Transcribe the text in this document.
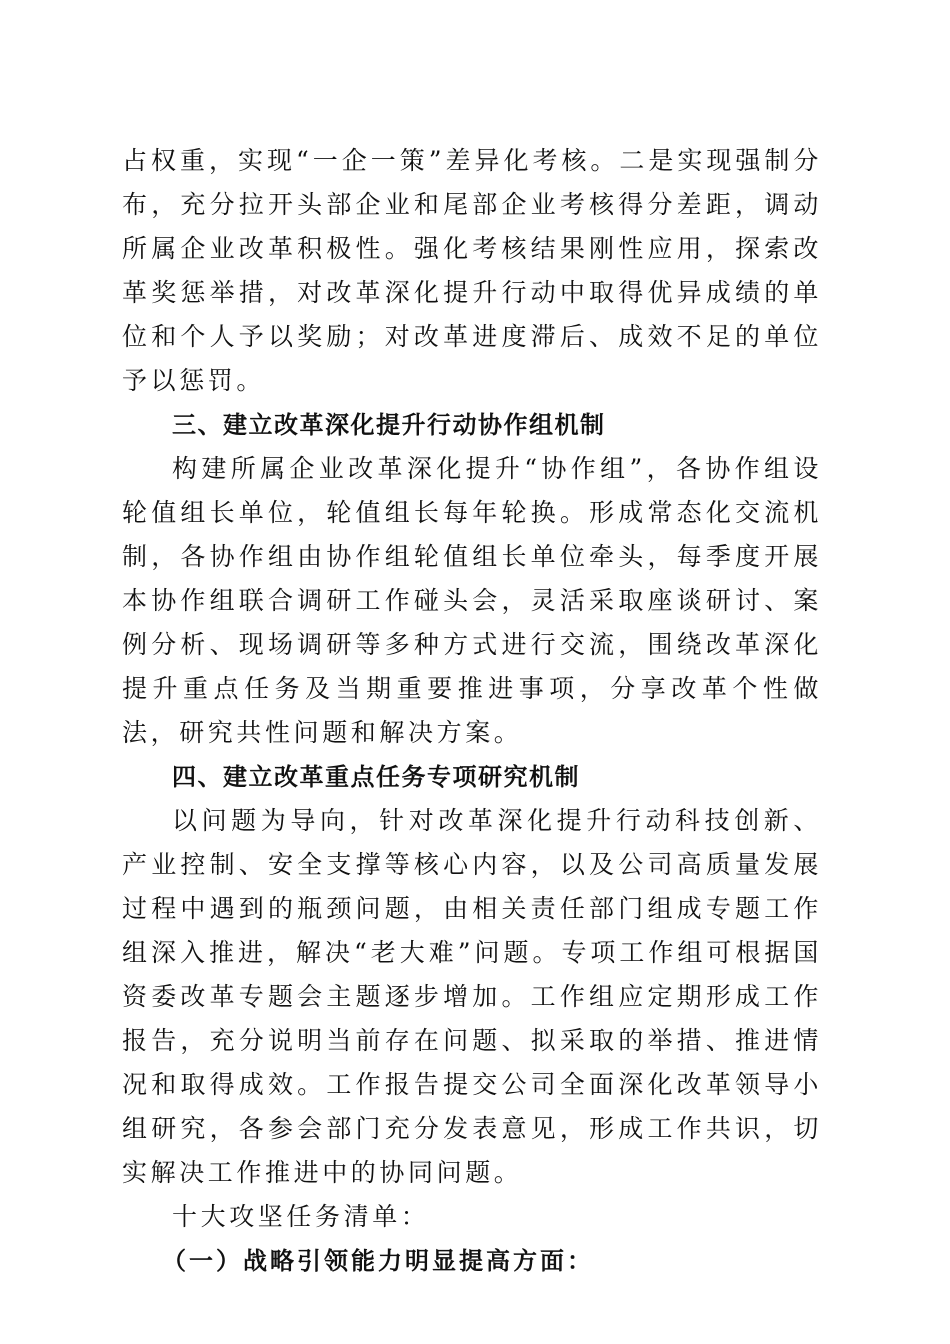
占权重，实现“一企一策”差异化考核。二是实现强制分布，充分拉开头部企业和尾部企业考核得分差距，调动所属企业改革积极性。强化考核结果刚性应用，探索改革奖惩举措，对改革深化提升行动中取得优异成绩的单位和个人予以奖励；对改革进度滞后、成效不足的单位予以惩罚。

三、建立改革深化提升行动协作组机制

构建所属企业改革深化提升“协作组”，各协作组设轮值组长单位，轮值组长每年轮换。形成常态化交流机制，各协作组由协作组轮值组长单位牵头，每季度开展本协作组联合调研工作碰头会，灵活采取座谈研讨、案例分析、现场调研等多种方式进行交流，围绕改革深化提升重点任务及当期重要推进事项，分享改革个性做法，研究共性问题和解决方案。

四、建立改革重点任务专项研究机制

以问题为导向，针对改革深化提升行动科技创新、产业控制、安全支撑等核心内容，以及公司高质量发展过程中遇到的瓶颈问题，由相关责任部门组成专题工作组深入推进，解决“老大难”问题。专项工作组可根据国资委改革专题会主题逐步增加。工作组应定期形成工作报告，充分说明当前存在问题、拟采取的举措、推进情况和取得成效。工作报告提交公司全面深化改革领导小组研究，各参会部门充分发表意见，形成工作共识，切实解决工作推进中的协同问题。

十大攻坚任务清单：

（一）战略引领能力明显提高方面：
